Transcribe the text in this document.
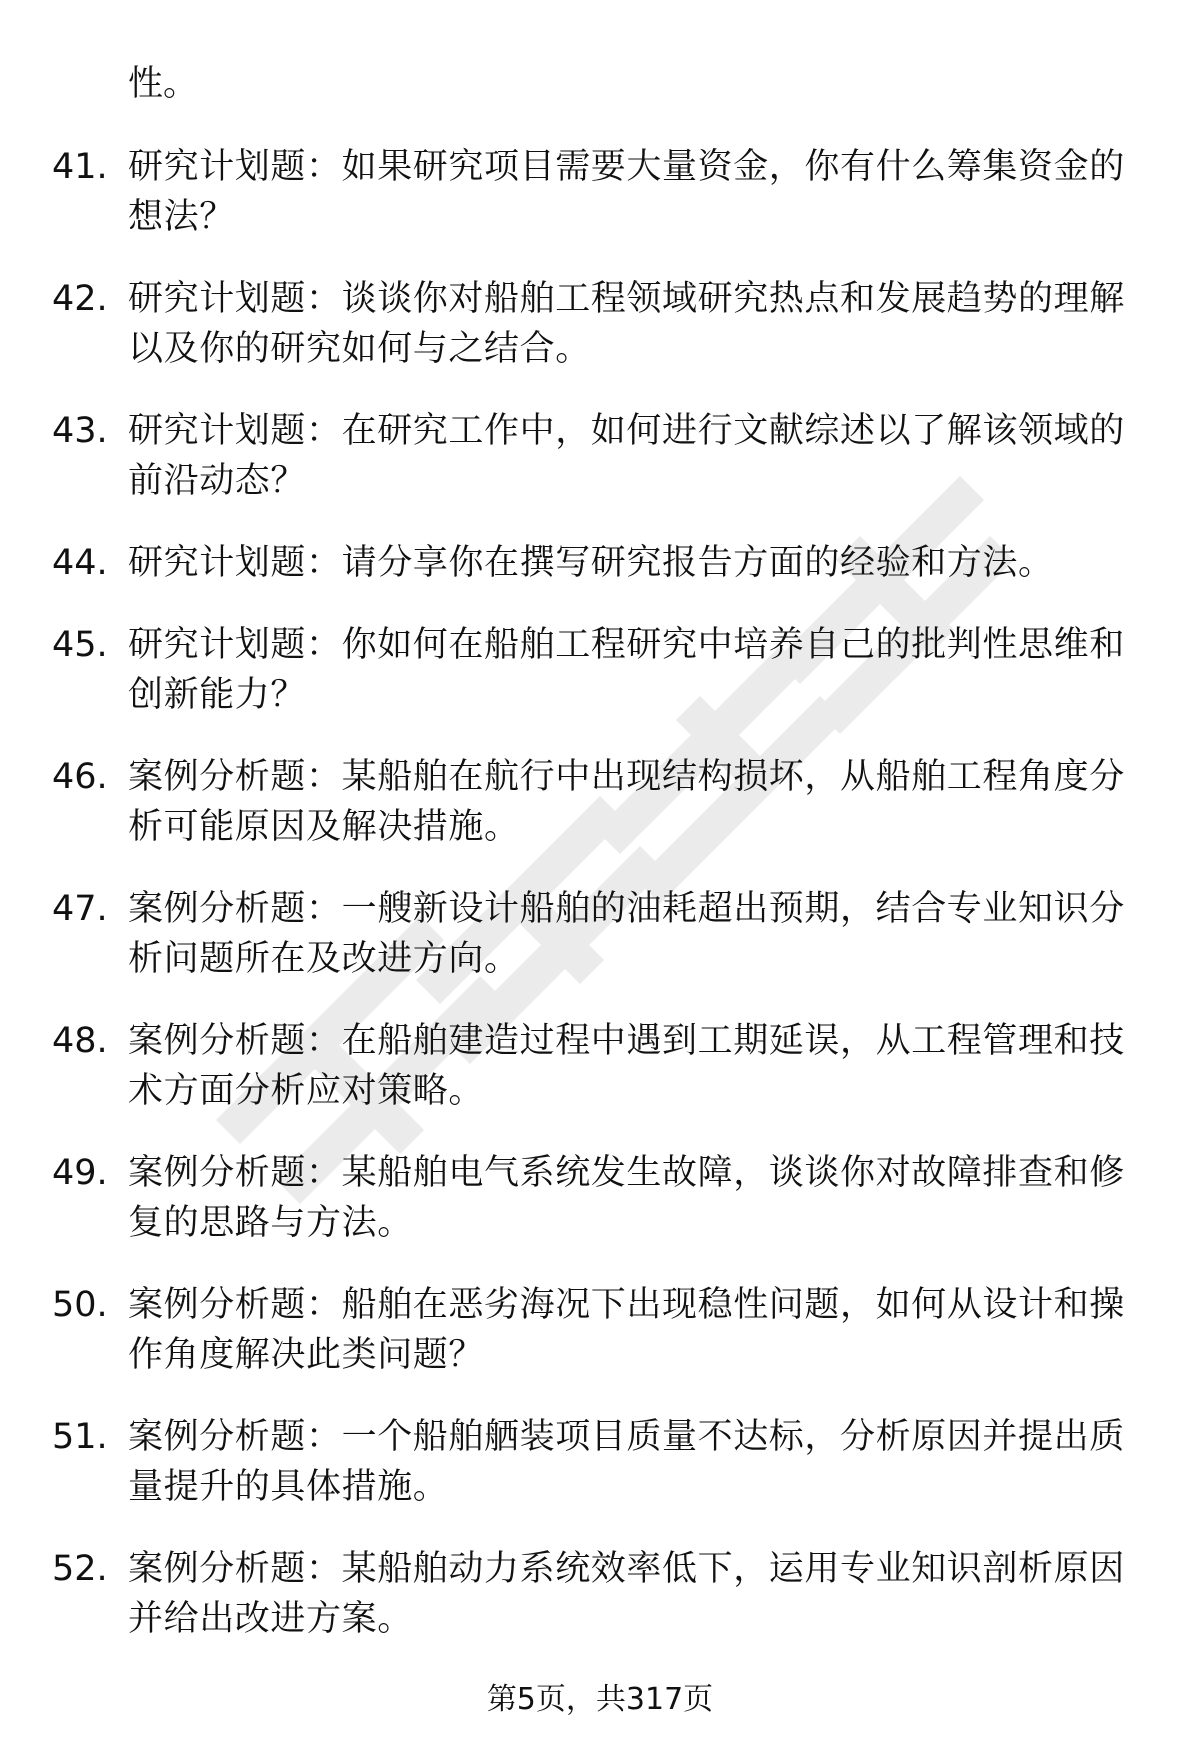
性。
41. 研究计划题：如果研究项目需要大量资金，你有什么筹集资金的想法？
42. 研究计划题：谈谈你对船舶工程领域研究热点和发展趋势的理解以及你的研究如何与之结合。
43. 研究计划题：在研究工作中，如何进行文献综述以了解该领域的前沿动态？
44. 研究计划题：请分享你在撰写研究报告方面的经验和方法。
45. 研究计划题：你如何在船舶工程研究中培养自己的批判性思维和创新能力？
46. 案例分析题：某船舶在航行中出现结构损坏，从船舶工程角度分析可能原因及解决措施。
47. 案例分析题：一艘新设计船舶的油耗超出预期，结合专业知识分析问题所在及改进方向。
48. 案例分析题：在船舶建造过程中遇到工期延误，从工程管理和技术方面分析应对策略。
49. 案例分析题：某船舶电气系统发生故障，谈谈你对故障排查和修复的思路与方法。
50. 案例分析题：船舶在恶劣海况下出现稳性问题，如何从设计和操作角度解决此类问题？
51. 案例分析题：一个船舶舾装项目质量不达标，分析原因并提出质量提升的具体措施。
52. 案例分析题：某船舶动力系统效率低下，运用专业知识剖析原因并给出改进方案。
第5页，共317页
